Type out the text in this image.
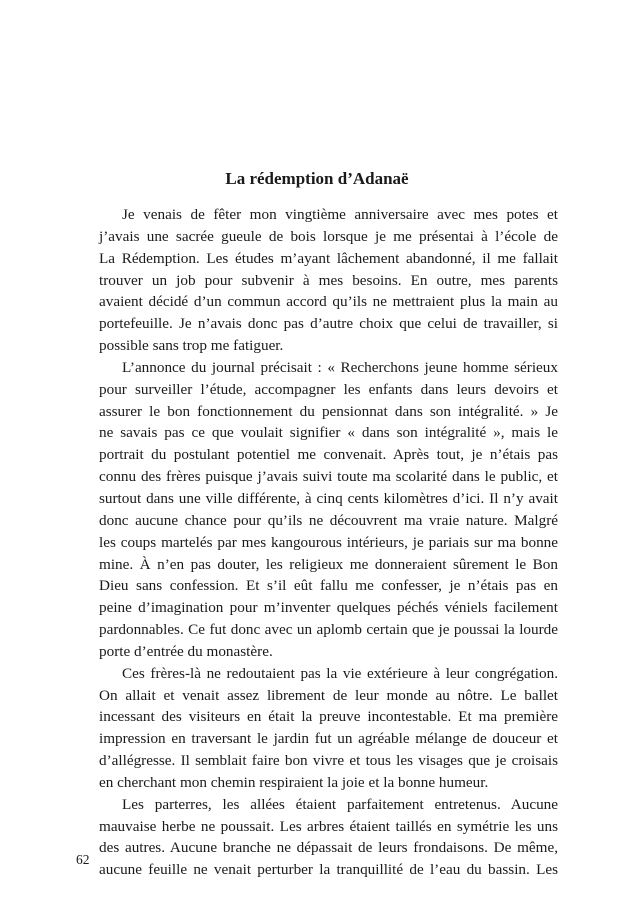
La rédemption d’Adanaë

Je venais de fêter mon vingtième anniversaire avec mes potes et
j’avais une sacrée gueule de bois lorsque je me présentai à l’école de
La Rédemption. Les études m’ayant lâchement abandonné, il me fallait
trouver un job pour subvenir à mes besoins. En outre, mes parents
avaient décidé d’un commun accord qu’ils ne mettraient plus la main au
portefeuille. Je n’avais donc pas d’autre choix que celui de travailler, si
possible sans trop me fatiguer.

L’annonce du journal précisait : « Recherchons jeune homme sérieux
pour surveiller l’étude, accompagner les enfants dans leurs devoirs et
assurer le bon fonctionnement du pensionnat dans son intégralité. » Je
ne savais pas ce que voulait signifier « dans son intégralité », mais le
portrait du postulant potentiel me convenait. Après tout, je n’étais pas
connu des frères puisque j’avais suivi toute ma scolarité dans le public, et
surtout dans une ville différente, à cinq cents kilomètres d’ici. Il n’y avait
donc aucune chance pour qu’ils ne découvrent ma vraie nature. Malgré
les coups martelés par mes kangourous intérieurs, je pariais sur ma bonne
mine. À n’en pas douter, les religieux me donneraient sûrement le Bon
Dieu sans confession. Et s’il eût fallu me confesser, je n’étais pas en
peine d’imagination pour m’inventer quelques péchés véniels facilement
pardonnables. Ce fut donc avec un aplomb certain que je poussai la lourde
porte d’entrée du monastère.

Ces frères-là ne redoutaient pas la vie extérieure à leur congrégation.
On allait et venait assez librement de leur monde au nôtre. Le ballet
incessant des visiteurs en était la preuve incontestable. Et ma première
impression en traversant le jardin fut un agréable mélange de douceur et
d’allégresse. Il semblait faire bon vivre et tous les visages que je croisais
en cherchant mon chemin respiraient la joie et la bonne humeur.

Les parterres, les allées étaient parfaitement entretenus. Aucune
mauvaise herbe ne poussait. Les arbres étaient taillés en symétrie les uns
des autres. Aucune branche ne dépassait de leurs frondaisons. De même,
aucune feuille ne venait perturber la tranquillité de l’eau du bassin. Les

62
